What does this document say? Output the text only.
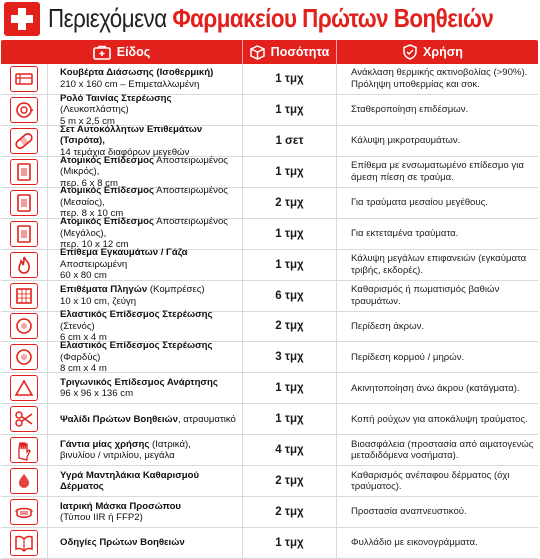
Περιεχόμενα Φαρμακείου Πρώτων Βοηθειών
Είδος	Ποσότητα	Χρήση
Κουβέρτα Διάσωσης (Ισοθερμική)
210 x 160 cm – Επιμεταλλωμένη	1 τμχ	Ανάκλαση θερμικής ακτινοβολίας (>90%). Πρόληψη υποθερμίας και σοκ.
Ρολό Ταινίας Στερέωσης (Λευκοπλάστης)
5 m x 2,5 cm
1 τμχ	Σταθεροποίηση επιδέσμων.
Σετ Αυτοκόλλητων Επιθεμάτων (Τσιρότα),
14 τεμάχια διαφόρων μεγεθών
1 σετ	Κάλυψη μικροτραυμάτων.
Ατομικός Επίδεσμος Αποστειρωμένος (Μικρός),
περ. 6 x 8 cm
1 τμχ	Επίθεμα με ενσωματωμένο επίδεσμο για άμεση πίεση σε τραύμα.
Ατομικός Επίδεσμος Αποστειρωμένος (Μεσαίος),
περ. 8 x 10 cm
2 τμχ	Για τραύματα μεσαίου μεγέθους.
Ατομικός Επίδεσμος Αποστειρωμένος (Μεγάλος),
περ. 10 x 12 cm
1 τμχ	Για εκτεταμένα τραύματα.
Επίθεμα Εγκαυμάτων / Γάζα Αποστειρωμένη
60 x 80 cm
1 τμχ	Κάλυψη μεγάλων επιφανειών (εγκαύματα τριβής, εκδορές).
Επιθέματα Πληγών (Κομπρέσες)
10 x 10 cm, ζεύγη	6 τμχ	Καθαρισμός ή πωματισμός βαθιών τραυμάτων.
Ελαστικός Επίδεσμος Στερέωσης (Στενός)
6 cm x 4 m
2 τμχ	Περίδεση άκρων.
Ελαστικός Επίδεσμος Στερέωσης (Φαρδύς)
8 cm x 4 m
3 τμχ	Περίδεση κορμού / μηρών.
Τριγωνικός Επίδεσμος Ανάρτησης
96 x 96 x 136 cm	1 τμχ	Ακινητοποίηση άνω άκρου (κατάγματα).
Ψαλίδι Πρώτων Βοηθειών, ατραυματικό	1 τμχ	Κοπή ρούχων για αποκάλυψη τραύματος.
Γάντια μίας χρήσης (Ιατρικά),
βινυλίου / νιτριλίου, μεγάλα	4 τμχ	Βιοασφάλεια (προστασία από αιματογενώς μεταδιδόμενα νοσήματα).
Υγρά Μαντηλάκια Καθαρισμού Δέρματος	2 τμχ	Καθαρισμός ανέπαφου δέρματος (όχι τραύματος).
Ιατρική Μάσκα Προσώπου
(Τύπου IIR ή FFP2)	2 τμχ	Προστασία αναπνευστικού.
Οδηγίες Πρώτων Βοηθειών	1 τμχ	Φυλλάδιο με εικονογράμματα.
